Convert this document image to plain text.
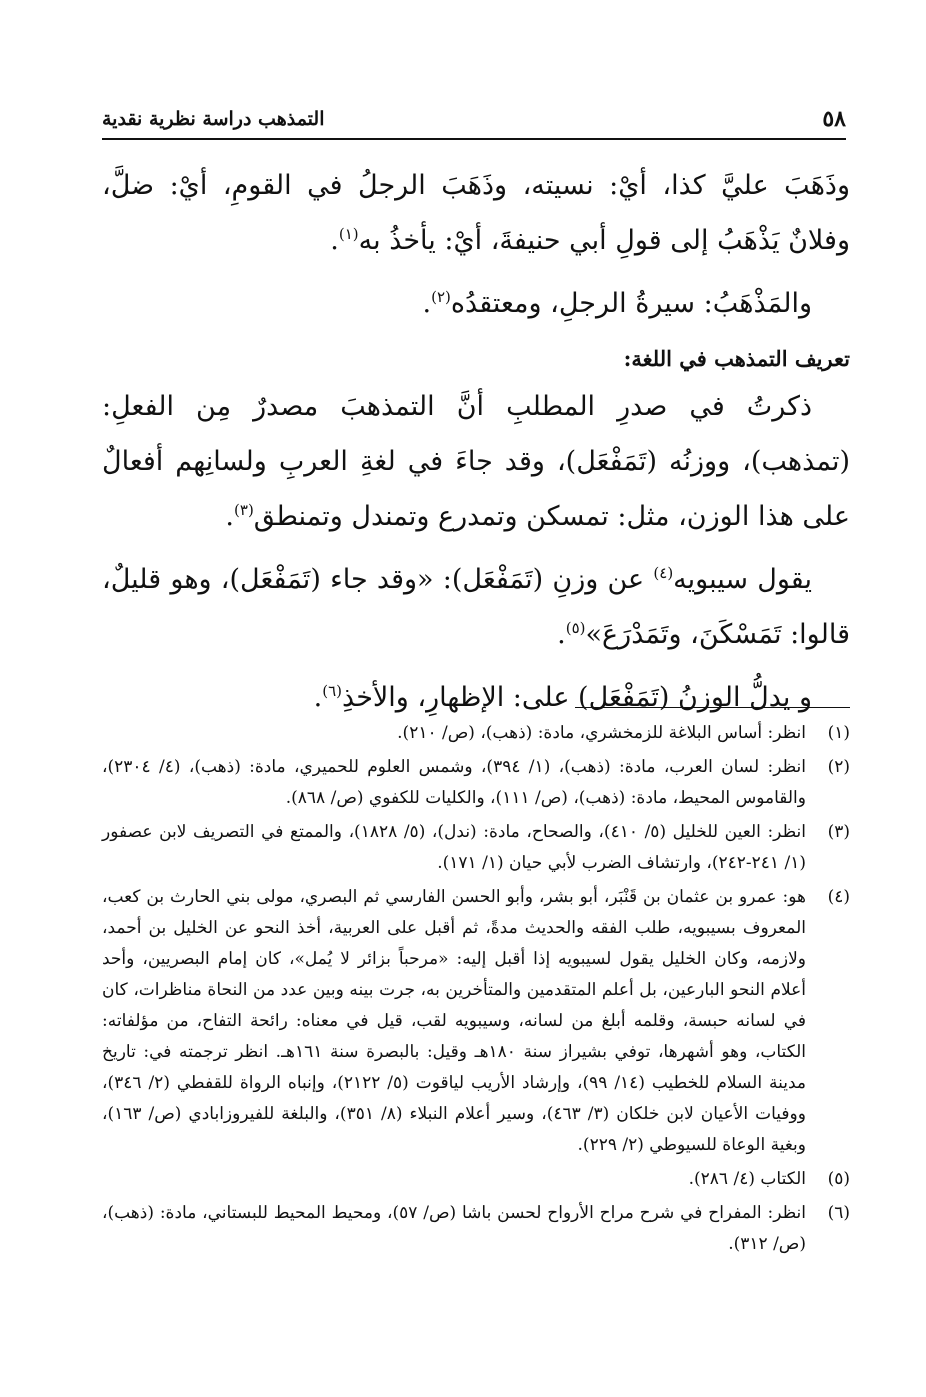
٥٨
التمذهب دراسة نظرية نقدية

وذَهَبَ عليَّ كذا، أيْ: نسيته، وذَهَبَ الرجلُ في القومِ، أيْ: ضلَّ، وفلانٌ يَذْهَبُ إلى قولِ أبي حنيفةَ، أيْ: يأخذُ به$^{(١)}$.

والمَذْهَبُ: سيرةُ الرجلِ، ومعتقدُه$^{(٢)}$.

تعريف التمذهب في اللغة:

ذكرتُ في صدرِ المطلبِ أنَّ التمذهبَ مصدرٌ مِن الفعلِ: (تمذهب)، ووزنُه (تَمَفْعَل)، وقد جاءَ في لغةِ العربِ ولسانِهم أفعالٌ على هذا الوزن، مثل: تمسكن وتمدرع وتمندل وتمنطق$^{(٣)}$.

يقول سيبويه$^{(٤)}$ عن وزنِ (تَمَفْعَل): «وقد جاء (تَمَفْعَل)، وهو قليلٌ، قالوا: تَمَسْكَنَ، وتَمَدْرَعَ»$^{(٥)}$.

و يدلُّ الوزنُ (تَمَفْعَل) على: الإظهارِ، والأخذِ$^{(٦)}$.

(١)
انظر: أساس البلاغة للزمخشري، مادة: (ذهب)، (ص/ ٢١٠).
(٢)
انظر: لسان العرب، مادة: (ذهب)، (١/ ٣٩٤)، وشمس العلوم للحميري، مادة: (ذهب)، (٤/ ٢٣٠٤)، والقاموس المحيط، مادة: (ذهب)، (ص/ ١١١)، والكليات للكفوي (ص/ ٨٦٨).
(٣)
انظر: العين للخليل (٥/ ٤١٠)، والصحاح، مادة: (ندل)، (٥/ ١٨٢٨)، والممتع في التصريف لابن عصفور (١/ ٢٤١-٢٤٢)، وارتشاف الضرب لأبي حيان (١/ ١٧١).
(٤)
هو: عمرو بن عثمان بن قَنْبَر، أبو بشر، وأبو الحسن الفارسي ثم البصري، مولى بني الحارث بن كعب، المعروف بسيبويه، طلب الفقه والحديث مدةً، ثم أقبل على العربية، أخذ النحو عن الخليل بن أحمد، ولازمه، وكان الخليل يقول لسيبويه إذا أقبل إليه: «مرحباً بزائر لا يُمل»، كان إمام البصريين، وأحد أعلام النحو البارعين، بل أعلم المتقدمين والمتأخرين به، جرت بينه وبين عدد من النحاة مناظرات، كان في لسانه حبسة، وقلمه أبلغ من لسانه، وسيبويه لقب، قيل في معناه: رائحة التفاح، من مؤلفاته: الكتاب، وهو أشهرها، توفي بشيراز سنة ١٨٠هـ وقيل: بالبصرة سنة ١٦١هـ. انظر ترجمته في: تاريخ مدينة السلام للخطيب (١٤/ ٩٩)، وإرشاد الأريب لياقوت (٥/ ٢١٢٢)، وإنباه الرواة للقفطي (٢/ ٣٤٦)، ووفيات الأعيان لابن خلكان (٣/ ٤٦٣)، وسير أعلام النبلاء (٨/ ٣٥١)، والبلغة للفيروزابادي (ص/ ١٦٣)، وبغية الوعاة للسيوطي (٢/ ٢٢٩).
(٥)
الكتاب (٤/ ٢٨٦).
(٦)
انظر: المفراح في شرح مراح الأرواح لحسن باشا (ص/ ٥٧)، ومحيط المحيط للبستاني، مادة: (ذهب)، (ص/ ٣١٢).
